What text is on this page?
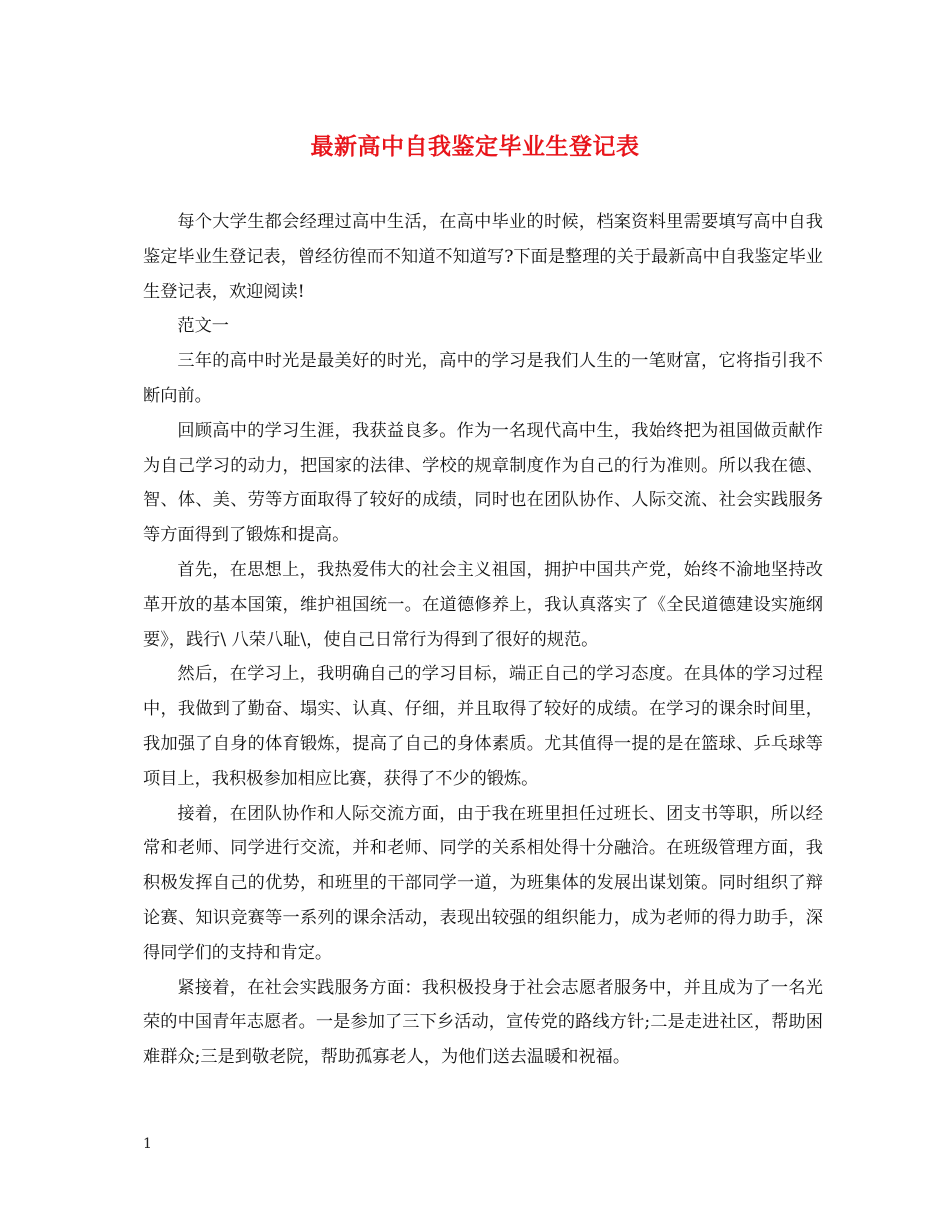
最新高中自我鉴定毕业生登记表

每个大学生都会经理过高中生活，在高中毕业的时候，档案资料里需要填写高中自我鉴定毕业生登记表，曾经彷徨而不知道不知道写?下面是整理的关于最新高中自我鉴定毕业生登记表，欢迎阅读!

范文一

三年的高中时光是最美好的时光，高中的学习是我们人生的一笔财富，它将指引我不断向前。

回顾高中的学习生涯，我获益良多。作为一名现代高中生，我始终把为祖国做贡献作为自己学习的动力，把国家的法律、学校的规章制度作为自己的行为准则。所以我在德、智、体、美、劳等方面取得了较好的成绩，同时也在团队协作、人际交流、社会实践服务等方面得到了锻炼和提高。

首先，在思想上，我热爱伟大的社会主义祖国，拥护中国共产党，始终不渝地坚持改革开放的基本国策，维护祖国统一。在道德修养上，我认真落实了《全民道德建设实施纲要》，践行\ 八荣八耻\，使自己日常行为得到了很好的规范。

然后，在学习上，我明确自己的学习目标，端正自己的学习态度。在具体的学习过程中，我做到了勤奋、塌实、认真、仔细，并且取得了较好的成绩。在学习的课余时间里，我加强了自身的体育锻炼，提高了自己的身体素质。尤其值得一提的是在篮球、乒乓球等项目上，我积极参加相应比赛，获得了不少的锻炼。

接着，在团队协作和人际交流方面，由于我在班里担任过班长、团支书等职，所以经常和老师、同学进行交流，并和老师、同学的关系相处得十分融洽。在班级管理方面，我积极发挥自己的优势，和班里的干部同学一道，为班集体的发展出谋划策。同时组织了辩论赛、知识竞赛等一系列的课余活动，表现出较强的组织能力，成为老师的得力助手，深得同学们的支持和肯定。

紧接着，在社会实践服务方面：我积极投身于社会志愿者服务中，并且成为了一名光荣的中国青年志愿者。一是参加了三下乡活动，宣传党的路线方针;二是走进社区，帮助困难群众;三是到敬老院，帮助孤寡老人，为他们送去温暖和祝福。

1
